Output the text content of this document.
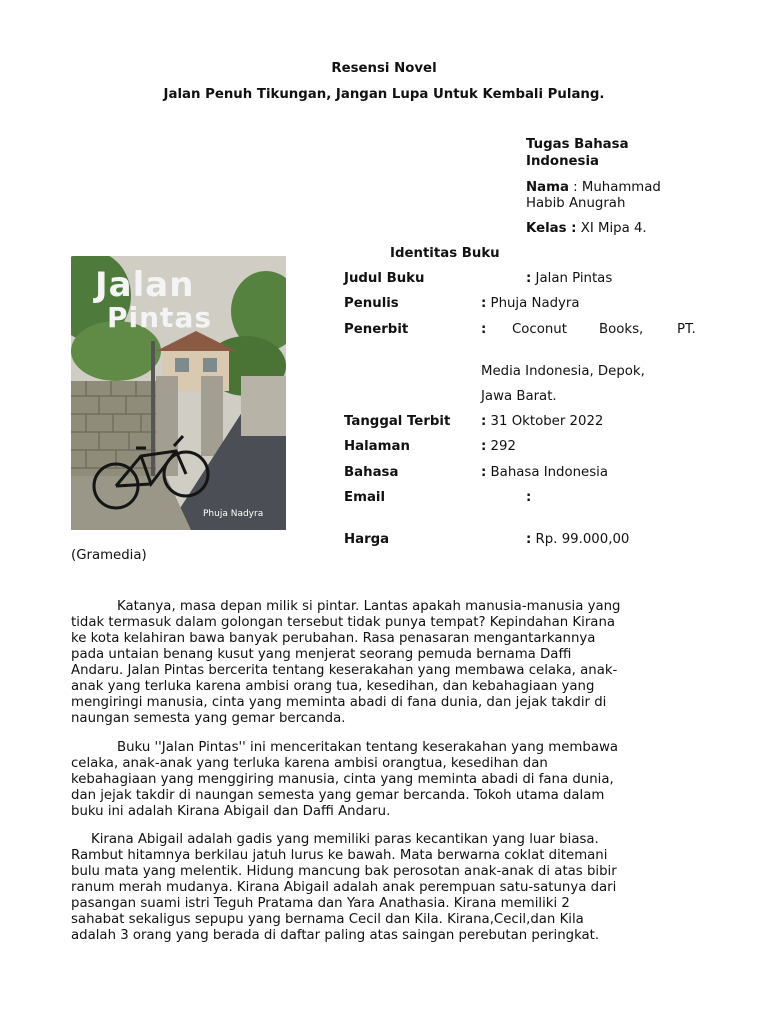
Resensi Novel
Jalan Penuh Tikungan, Jangan Lupa Untuk Kembali Pulang.
Tugas Bahasa
Indonesia
Nama : Muhammad
Habib Anugrah
Kelas : XI Mipa 4.
Identitas Buku
Jalan
Pintas
Phuja Nadyra
Judul Buku	: Jalan Pintas
Penulis	: Phuja Nadyra
Penerbit	: Coconut Books,	PT.
Media Indonesia, Depok,
Jawa Barat.
Tanggal Terbit : 31 Oktober 2022
Halaman	: 292
Bahasa	: Bahasa Indonesia
Email	:
Harga	: Rp. 99.000,00
(Gramedia)
Katanya, masa depan milik si pintar. Lantas apakah manusia-manusia yang
tidak termasuk dalam golongan tersebut tidak punya tempat? Kepindahan Kirana
ke kota kelahiran bawa banyak perubahan. Rasa penasaran mengantarkannya
pada untaian benang kusut yang menjerat seorang pemuda bernama Daffi
Andaru. Jalan Pintas bercerita tentang keserakahan yang membawa celaka, anak-
anak yang terluka karena ambisi orang tua, kesedihan, dan kebahagiaan yang
mengiringi manusia, cinta yang meminta abadi di fana dunia, dan jejak takdir di
naungan semesta yang gemar bercanda.
Buku ''Jalan Pintas'' ini menceritakan tentang keserakahan yang membawa
celaka, anak-anak yang terluka karena ambisi orangtua, kesedihan dan
kebahagiaan yang menggiring manusia, cinta yang meminta abadi di fana dunia,
dan jejak takdir di naungan semesta yang gemar bercanda. Tokoh utama dalam
buku ini adalah Kirana Abigail dan Daffi Andaru.
Kirana Abigail adalah gadis yang memiliki paras kecantikan yang luar biasa.
Rambut hitamnya berkilau jatuh lurus ke bawah. Mata berwarna coklat ditemani
bulu mata yang melentik. Hidung mancung bak perosotan anak-anak di atas bibir
ranum merah mudanya. Kirana Abigail adalah anak perempuan satu-satunya dari
pasangan suami istri Teguh Pratama dan Yara Anathasia. Kirana memiliki 2
sahabat sekaligus sepupu yang bernama Cecil dan Kila. Kirana,Cecil,dan Kila
adalah 3 orang yang berada di daftar paling atas saingan perebutan peringkat.
